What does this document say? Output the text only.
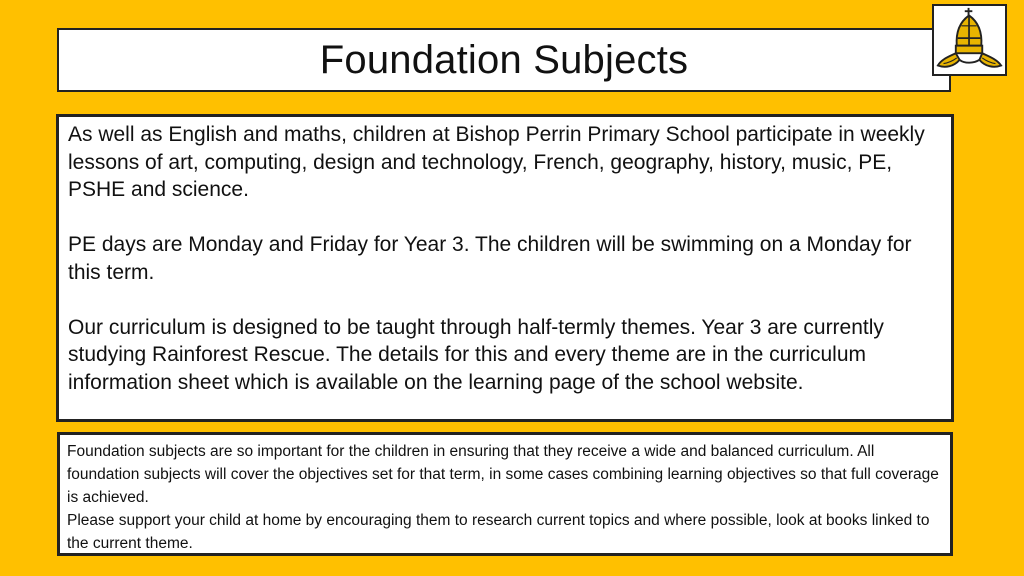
Foundation Subjects

As well as English and maths, children at Bishop Perrin Primary School participate in weekly lessons of art, computing, design and technology, French, geography, history, music, PE, PSHE and science.

PE days are Monday and Friday for Year 3. The children will be swimming on a Monday for this term.

Our curriculum is designed to be taught through half-termly themes. Year 3 are currently studying Rainforest Rescue. The details for this and every theme are in the curriculum information sheet which is available on the learning page of the school website.

Foundation subjects are so important for the children in ensuring that they receive a wide and balanced curriculum. All foundation subjects will cover the objectives set for that term, in some cases combining learning objectives so that full coverage is achieved.

Please support your child at home by encouraging them to research current topics and where possible, look at books linked to the current theme.
